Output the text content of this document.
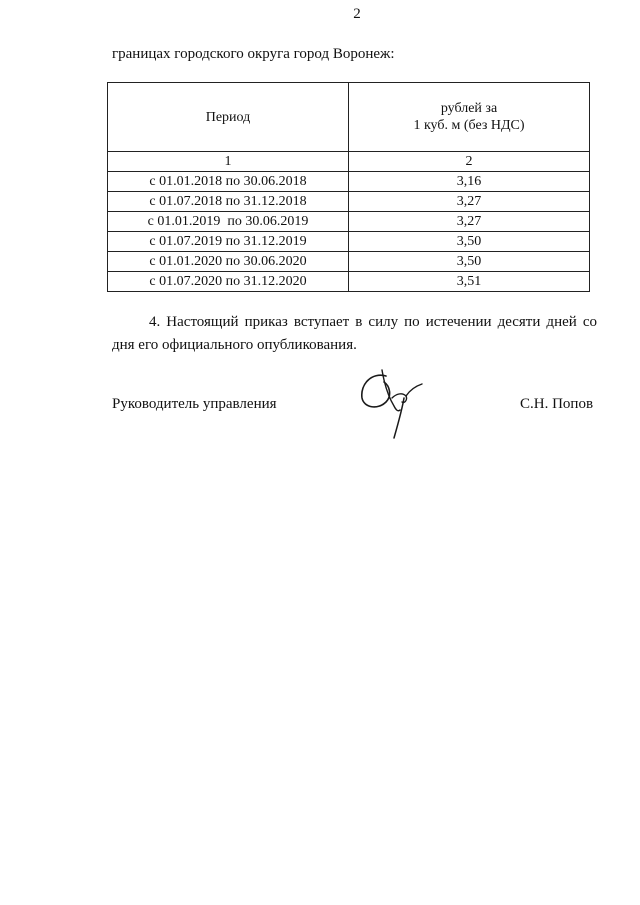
2
границах городского округа город Воронеж:
Период	рублей за
1 куб. м (без НДС)
1	2
с 01.01.2018 по 30.06.2018	3,16
с 01.07.2018 по 31.12.2018	3,27
с 01.01.2019  по 30.06.2019	3,27
с 01.07.2019 по 31.12.2019	3,50
с 01.01.2020 по 30.06.2020	3,50
с 01.07.2020 по 31.12.2020	3,51
4. Настоящий приказ вступает в силу по истечении десяти дней со дня его официального опубликования.
Руководитель управления	С.Н. Попов
